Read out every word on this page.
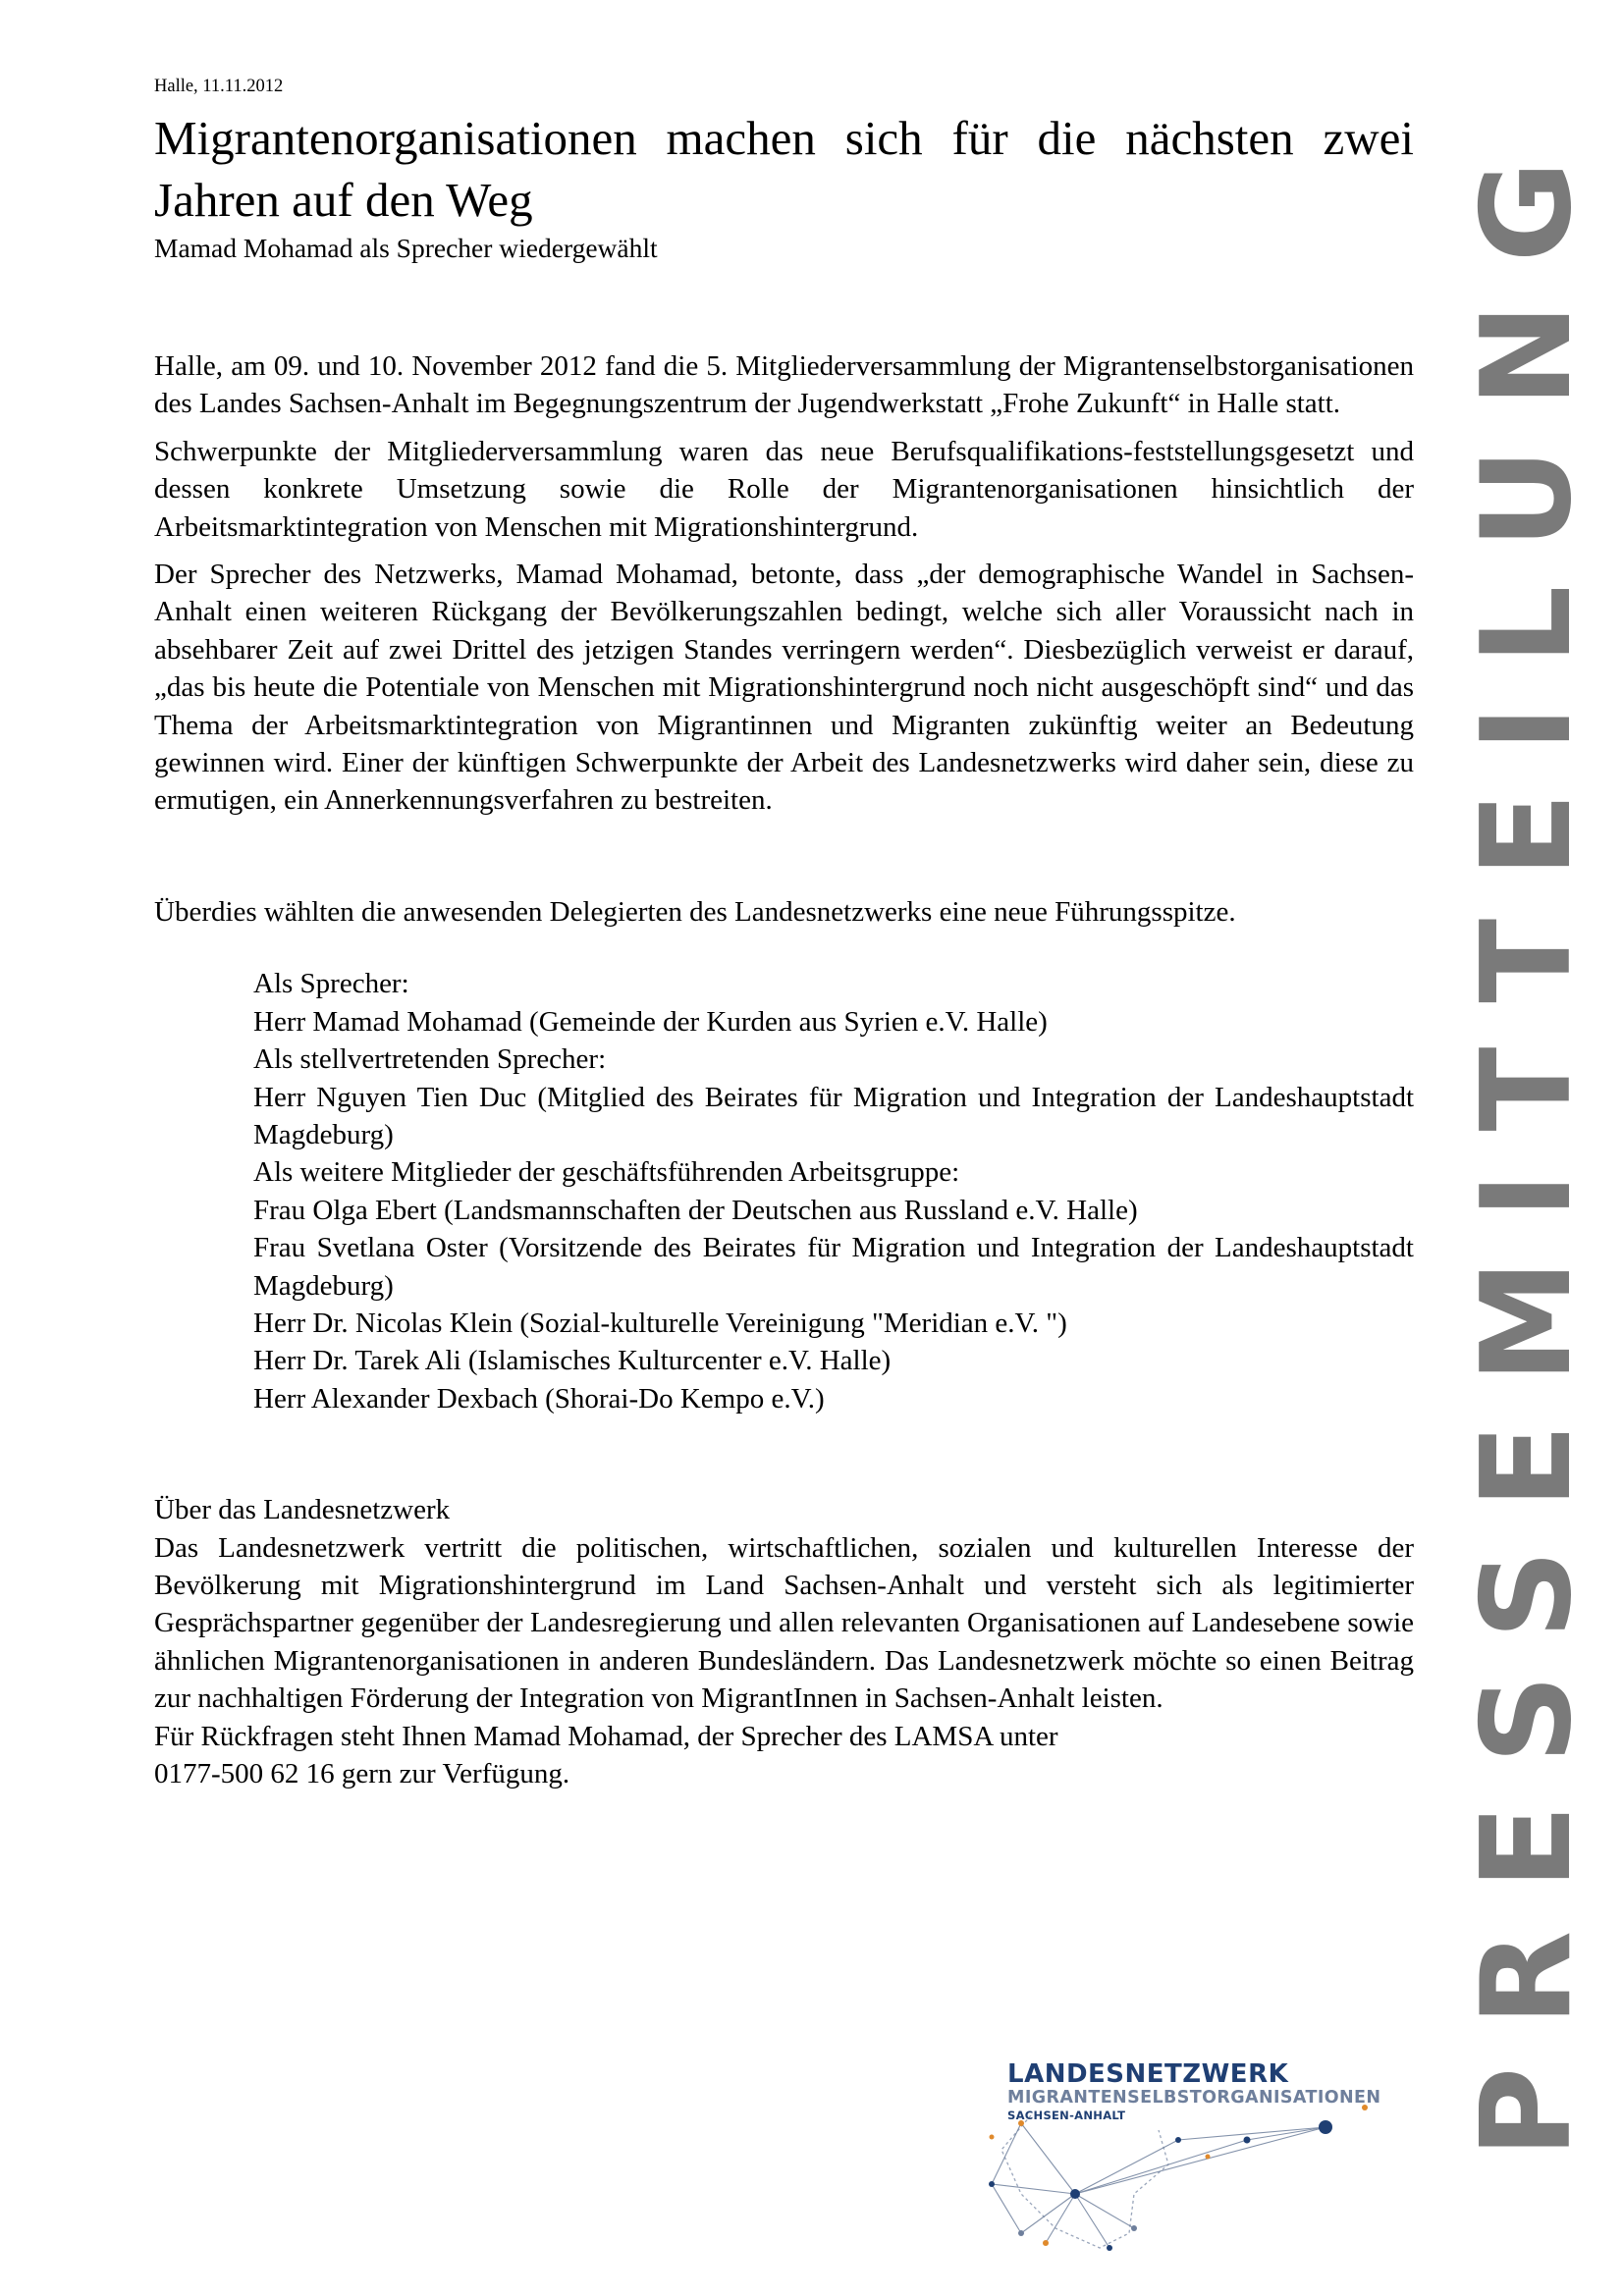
Halle, 11.11.2012

Migrantenorganisationen machen sich für die nächsten zwei Jahren auf den Weg
Mamad Mohamad als Sprecher wiedergewählt

Halle, am 09. und 10. November 2012 fand die 5. Mitgliederversammlung der Migrantenselbstorganisationen des Landes Sachsen-Anhalt im Begegnungszentrum der Jugendwerkstatt „Frohe Zukunft“ in Halle statt.

Schwerpunkte der Mitgliederversammlung waren das neue Berufsqualifikations-feststellungsgesetzt und dessen konkrete Umsetzung sowie die Rolle der Migrantenorganisationen hinsichtlich der Arbeitsmarktintegration von Menschen mit Migrationshintergrund.

Der Sprecher des Netzwerks, Mamad Mohamad, betonte, dass „der demographische Wandel in Sachsen-Anhalt einen weiteren Rückgang der Bevölkerungszahlen bedingt, welche sich aller Voraussicht nach in absehbarer Zeit auf zwei Drittel des jetzigen Standes verringern werden“. Diesbezüglich verweist er darauf, „das bis heute die Potentiale von Menschen mit Migrationshintergrund noch nicht ausgeschöpft sind“ und das Thema der Arbeitsmarktintegration von Migrantinnen und Migranten zukünftig weiter an Bedeutung gewinnen wird. Einer der künftigen Schwerpunkte der Arbeit des Landesnetzwerks wird daher sein, diese zu ermutigen, ein Annerkennungsverfahren zu bestreiten.

Überdies wählten die anwesenden Delegierten des Landesnetzwerks eine neue Führungsspitze.

Als Sprecher:
Herr Mamad Mohamad (Gemeinde der Kurden aus Syrien e.V. Halle)
Als stellvertretenden Sprecher:
Herr Nguyen Tien Duc (Mitglied des Beirates für Migration und Integration der Landeshauptstadt Magdeburg)
Als weitere Mitglieder der geschäftsführenden Arbeitsgruppe:
Frau Olga Ebert (Landsmannschaften der Deutschen aus Russland e.V. Halle)
Frau Svetlana Oster (Vorsitzende des Beirates für Migration und Integration der Landeshauptstadt Magdeburg)
Herr Dr. Nicolas Klein (Sozial-kulturelle Vereinigung "Meridian e.V. ")
Herr Dr. Tarek Ali (Islamisches Kulturcenter e.V. Halle)
Herr Alexander Dexbach (Shorai-Do Kempo e.V.)

Über das Landesnetzwerk

Das Landesnetzwerk vertritt die politischen, wirtschaftlichen, sozialen und kulturellen Interesse der Bevölkerung mit Migrationshintergrund im Land Sachsen-Anhalt und versteht sich als legitimierter Gesprächspartner gegenüber der Landesregierung und allen relevanten Organisationen auf Landesebene sowie ähnlichen Migrantenorganisationen in anderen Bundesländern. Das Landesnetzwerk möchte so einen Beitrag zur nachhaltigen Förderung der Integration von MigrantInnen in Sachsen-Anhalt leisten.

Für Rückfragen steht Ihnen Mamad Mohamad, der Sprecher des LAMSA unter

0177-500 62 16 gern zur Verfügung.	PRESSEMITTEILUNG
LANDESNETZWERK
MIGRANTENSELBSTORGANISATIONEN
SACHSEN-ANHALT
